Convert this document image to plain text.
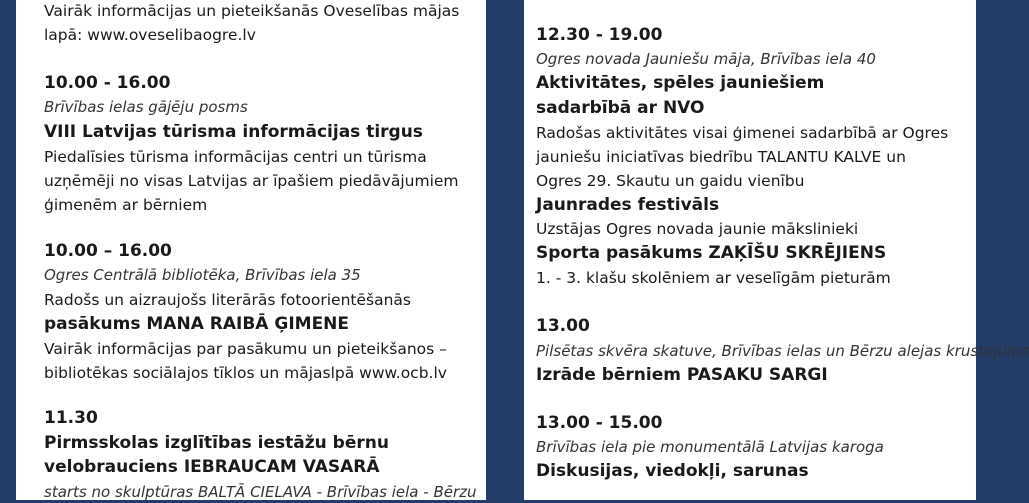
Vairāk informācijas un pieteikšanās Oveselības mājas
lapā: www.oveselibaogre.lv
10.00 - 16.00
Brīvības ielas gājēju posms
VIII Latvijas tūrisma informācijas tirgus
Piedalīsies tūrisma informācijas centri un tūrisma
uzņēmēji no visas Latvijas ar īpašiem piedāvājumiem
ģimenēm ar bērniem
10.00 – 16.00
Ogres Centrālā bibliotēka, Brīvības iela 35
Radošs un aizraujošs literārās fotoorientēšanās
pasākums MANA RAIBĀ ĢIMENE
Vairāk informācijas par pasākumu un pieteikšanos –
bibliotēkas sociālajos tīklos un mājaslpā www.ocb.lv
11.30
Pirmsskolas izglītības iestāžu bērnu
velobrauciens IEBRAUCAM VASARĀ
starts no skulptūras BALTĀ CIELAVA - Brīvības iela - Bērzu
12.30 - 19.00
Ogres novada Jauniešu māja, Brīvības iela 40
Aktivitātes, spēles jauniešiem
sadarbībā ar NVO
Radošas aktivitātes visai ģimenei sadarbībā ar Ogres
jauniešu iniciatīvas biedrību TALANTU KALVE un
Ogres 29. Skautu un gaidu vienību
Jaunrades festivāls
Uzstājas Ogres novada jaunie mākslinieki
Sporta pasākums ZAĶĪŠU SKRĒJIENS
1. - 3. klašu skolēniem ar veselīgām pieturām
13.00
Pilsētas skvēra skatuve, Brīvības ielas un Bērzu alejas krustojums
Izrāde bērniem PASAKU SARGI
13.00 - 15.00
Brīvības iela pie monumentālā Latvijas karoga
Diskusijas, viedokļi, sarunas
